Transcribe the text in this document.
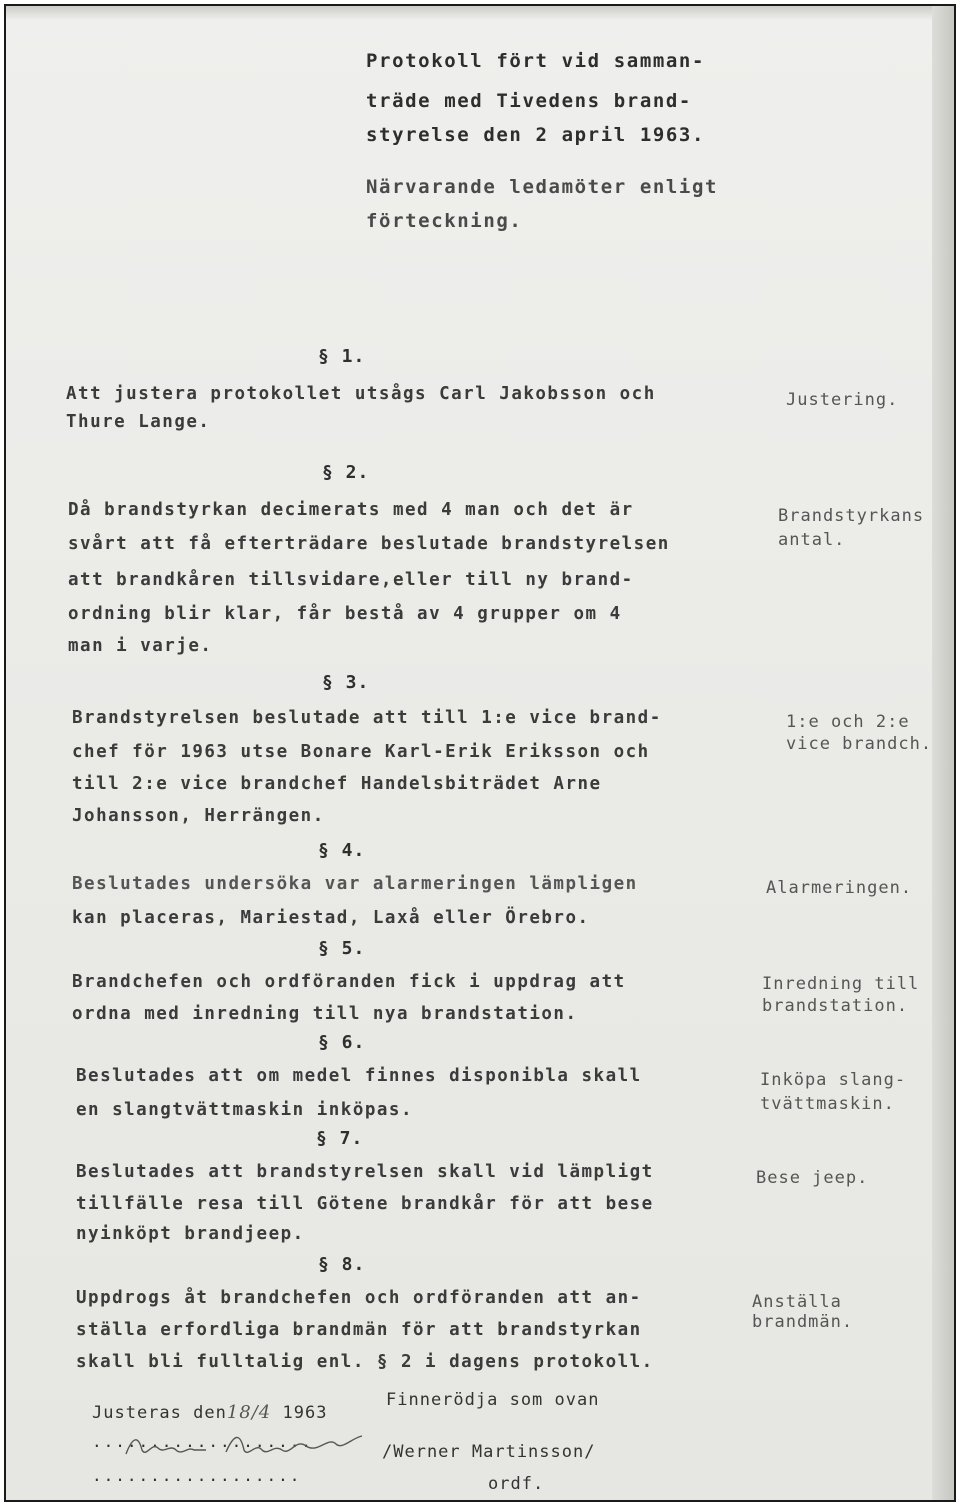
Protokoll fört vid samman-
träde med Tivedens brand-
styrelse den 2 april 1963.
Närvarande ledamöter enligt
förteckning.
§ 1.
Att justera protokollet utsågs Carl Jakobsson och
Thure Lange.
Justering.
§ 2.
Då brandstyrkan decimerats med 4 man och det är
svårt att få efterträdare beslutade brandstyrelsen
att brandkåren tillsvidare,eller till ny brand-
ordning blir klar, får bestå av 4 grupper om 4
man i varje.
Brandstyrkans
antal.
§ 3.
Brandstyrelsen beslutade att till 1:e vice brand-
chef för 1963 utse Bonare Karl-Erik Eriksson och
till 2:e vice brandchef Handelsbiträdet Arne
Johansson, Herrängen.
1:e och 2:e
vice brandch.
§ 4.
Beslutades undersöka var alarmeringen lämpligen
kan placeras, Mariestad, Laxå eller Örebro.
Alarmeringen.
§ 5.
Brandchefen och ordföranden fick i uppdrag att
ordna med inredning till nya brandstation.
Inredning till
brandstation.
§ 6.
Beslutades att om medel finnes disponibla skall
en slangtvättmaskin inköpas.
Inköpa slang-
tvättmaskin.
§ 7.
Beslutades att brandstyrelsen skall vid lämpligt
tillfälle resa till Götene brandkår för att bese
nyinköpt brandjeep.
Bese jeep.
§ 8.
Uppdrogs åt brandchefen och ordföranden att an-
ställa erfordliga brandmän för att brandstyrkan
skall bli fulltalig enl. § 2 i dagens protokoll.
Anställa
brandmän.
Justeras den18/4 1963
...................
..................
Finnerödja som ovan
/Werner Martinsson/
ordf.
